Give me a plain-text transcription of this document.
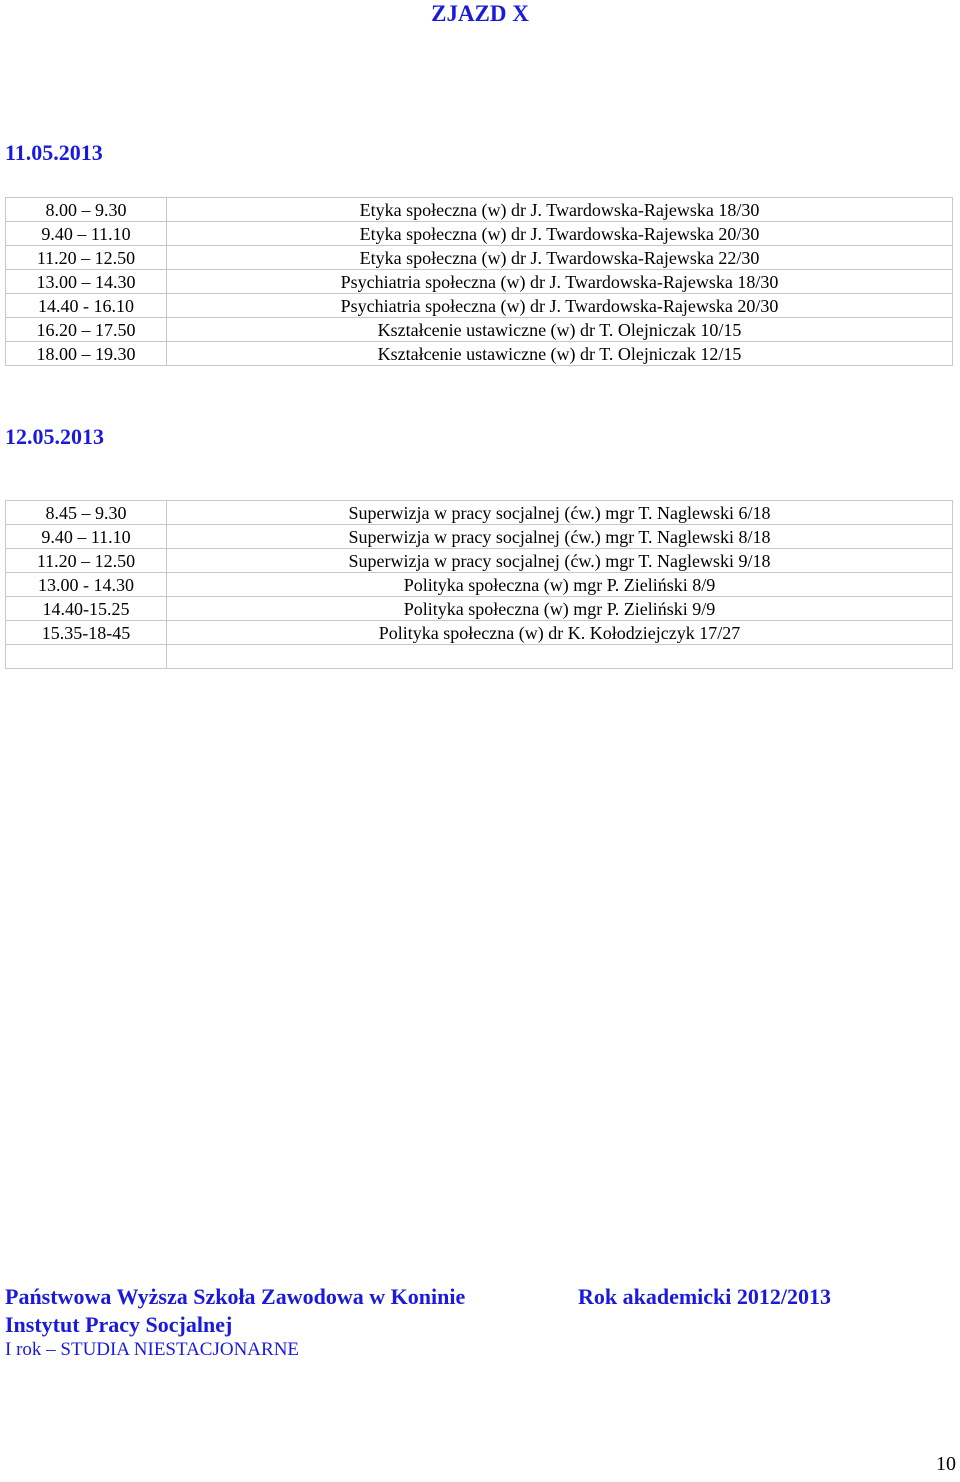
ZJAZD X
11.05.2013
8.00 – 9.30	Etyka społeczna (w) dr J. Twardowska-Rajewska 18/30
9.40 – 11.10	Etyka społeczna (w) dr J. Twardowska-Rajewska 20/30
11.20 – 12.50	Etyka społeczna (w) dr J. Twardowska-Rajewska 22/30
13.00 – 14.30	Psychiatria społeczna (w) dr J. Twardowska-Rajewska 18/30
14.40 - 16.10	Psychiatria społeczna (w) dr J. Twardowska-Rajewska 20/30
16.20 – 17.50	Kształcenie ustawiczne (w) dr T. Olejniczak 10/15
18.00 – 19.30	Kształcenie ustawiczne (w) dr T. Olejniczak 12/15
12.05.2013
8.45 – 9.30	Superwizja w pracy socjalnej (ćw.) mgr T. Naglewski 6/18
9.40 – 11.10	Superwizja w pracy socjalnej (ćw.) mgr T. Naglewski 8/18
11.20 – 12.50	Superwizja w pracy socjalnej (ćw.) mgr T. Naglewski 9/18
13.00 - 14.30	Polityka społeczna (w) mgr P. Zieliński 8/9
14.40-15.25	Polityka społeczna (w) mgr P. Zieliński 9/9
15.35-18-45	Polityka społeczna (w) dr K. Kołodziejczyk 17/27

Państwowa Wyższa Szkoła Zawodowa w Koninie	Rok akademicki 2012/2013
Instytut Pracy Socjalnej
I rok – STUDIA NIESTACJONARNE
10
